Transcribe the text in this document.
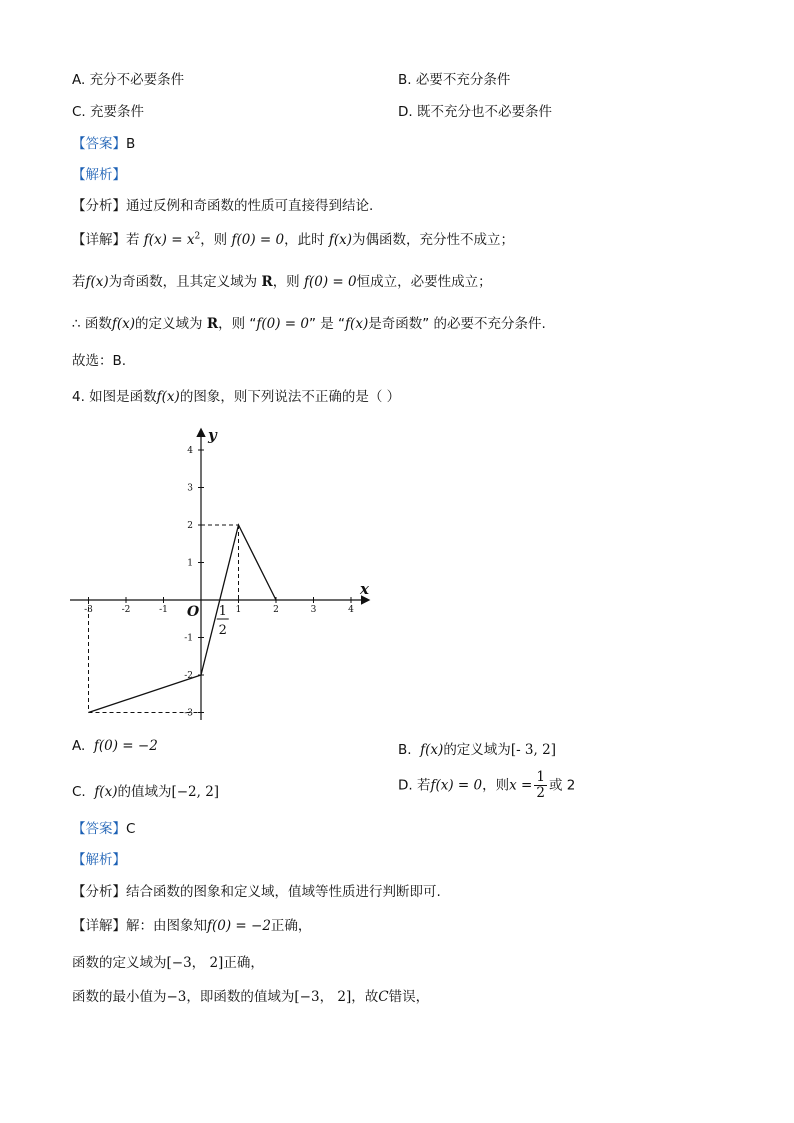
A. 充分不必要条件	B. 必要不充分条件
C. 充要条件	D. 既不充分也不必要条件
【答案】B
【解析】
【分析】通过反例和奇函数的性质可直接得到结论.
【详解】若 $f(x) = x^2$，则 f(0) = 0，此时 f(x)为偶函数，充分性不成立；
若f(x)为奇函数，且其定义域为 R，则 f(0) = 0恒成立，必要性成立；
∴ 函数f(x)的定义域为 R，则 “f(0) = 0” 是 “f(x)是奇函数” 的必要不充分条件.
故选：B.
4. 如图是函数f(x)的图象，则下列说法不正确的是（ ）
-3	-2	-1	1	2	3	4
4
3
2
1
-1
-2
-3
x
y
O 1
2
A. f(0) = −2	B. f(x)的定义域为[- 3, 2]
C. f(x)的值域为[−2, 2]	D. 若f(x) = 0，则$x = \frac{1}{2}$ 或 2
【答案】C
【解析】
【分析】结合函数的图象和定义域，值域等性质进行判断即可.
【详解】解：由图象知f(0) = −2正确，
函数的定义域为[−3， 2]正确，
函数的最小值为−3，即函数的值域为[−3， 2]，故C错误，
